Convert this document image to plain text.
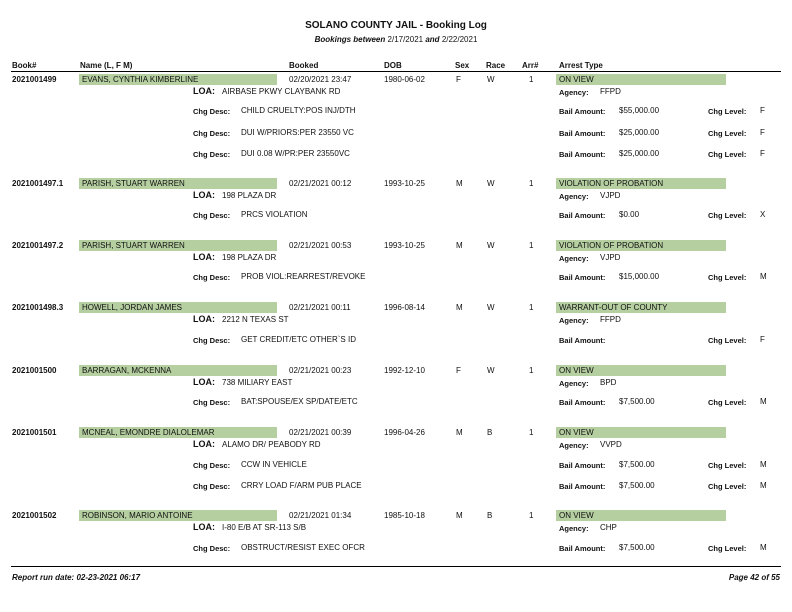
SOLANO COUNTY JAIL - Booking Log
Bookings between 2/17/2021 and 2/22/2021
Book#	Name (L, F M)	Booked	DOB	Sex Race Arr#	Arrest Type
2021001499	EVANS, CYNTHIA KIMBERLINE	02/20/2021 23:47	1980-06-02	F	W	1	ON VIEW
LOA: AIRBASE PKWY CLAYBANK RD	Agency: FFPD
Chg Desc: CHILD CRUELTY:POS INJ/DTH	Bail Amount: $55,000.00	Chg Level: F
Chg Desc: DUI W/PRIORS:PER 23550 VC	Bail Amount: $25,000.00	Chg Level: F
Chg Desc: DUI 0.08 W/PR:PER 23550VC	Bail Amount: $25,000.00	Chg Level: F
2021001497.1	PARISH, STUART WARREN	02/21/2021 00:12	1993-10-25	M	W	1	VIOLATION OF PROBATION
LOA: 198 PLAZA DR	Agency: VJPD
Chg Desc: PRCS VIOLATION	Bail Amount: $0.00	Chg Level: X
2021001497.2	PARISH, STUART WARREN	02/21/2021 00:53	1993-10-25	M	W	1	VIOLATION OF PROBATION
LOA: 198 PLAZA DR	Agency: VJPD
Chg Desc: PROB VIOL:REARREST/REVOKE	Bail Amount: $15,000.00	Chg Level: M
2021001498.3	HOWELL, JORDAN JAMES	02/21/2021 00:11	1996-08-14	M	W	1	WARRANT-OUT OF COUNTY
LOA: 2212 N TEXAS ST	Agency: FFPD
Chg Desc: GET CREDIT/ETC OTHER`S ID	Bail Amount:	Chg Level: F
2021001500	BARRAGAN, MCKENNA	02/21/2021 00:23	1992-12-10	F	W	1	ON VIEW
LOA: 738 MILIARY EAST	Agency: BPD
Chg Desc: BAT:SPOUSE/EX SP/DATE/ETC	Bail Amount: $7,500.00	Chg Level: M
2021001501	MCNEAL, EMONDRE DIALOLEMAR	02/21/2021 00:39	1996-04-26	M	B	1	ON VIEW
LOA: ALAMO DR/ PEABODY RD	Agency: VVPD
Chg Desc: CCW IN VEHICLE	Bail Amount: $7,500.00	Chg Level: M
Chg Desc: CRRY LOAD F/ARM PUB PLACE	Bail Amount: $7,500.00	Chg Level: M
2021001502	ROBINSON, MARIO ANTOINE	02/21/2021 01:34	1985-10-18	M	B	1	ON VIEW
LOA: I-80 E/B AT SR-113 S/B	Agency: CHP
Chg Desc: OBSTRUCT/RESIST EXEC OFCR	Bail Amount: $7,500.00	Chg Level: M
Report run date: 02-23-2021 06:17	Page 42 of 55
